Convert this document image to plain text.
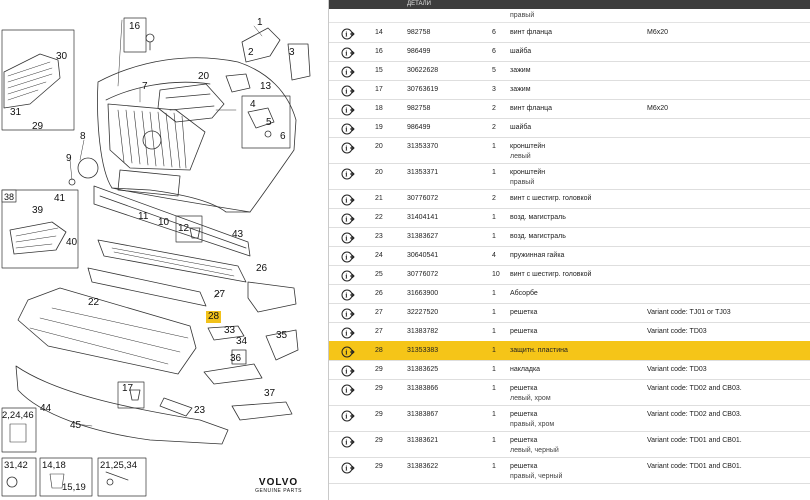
30
31
29
16	1
2	3
7
20
13
4
5
6
8
9
10
11
12
43
26
27
28
33
34
35
36
22
17	37
23
44
45
38
39
41
40
2,24,46
31,42 14,18
15,19
21,25,34
VOLVO
GENUINE PARTS
ДЕТАЛИ
правый
i	14	982758	6 винт фланца	M6x20
i	16	986499	6 шайба
i	15	30622628	5 зажим
i	17	30763619	3 зажим
i	18	982758	2 винт фланца	M6x20
i	19	986499	2 шайба
i	20	31353370	1 кронштейн
левый
i	20	31353371	1 кронштейн
правый
i	21	30776072	2 винт с шестигр. головкой
i	22	31404141	1 возд. магистраль
i	23	31383627	1 возд. магистраль
i	24	30640541	4 пружинная гайка
i	25	30776072	10 винт с шестигр. головкой
i	26	31663900	1 Абсорбе
i	27	32227520	1 решетка	Variant code: TJ01 or TJ03
i	27	31383782	1 решетка	Variant code: TD03
i	28	31353383	1 защитн. пластина
i	29	31383625	1 накладка	Variant code: TD03
i	29	31383866	1 решетка
левый, хром
Variant code: TD02 and CB03.
i	29	31383867	1 решетка
правый, хром
Variant code: TD02 and CB03.
i	29	31383621	1 решетка
левый, черный
Variant code: TD01 and CB01.
i	29	31383622	1 решетка
правый, черный
Variant code: TD01 and CB01.
